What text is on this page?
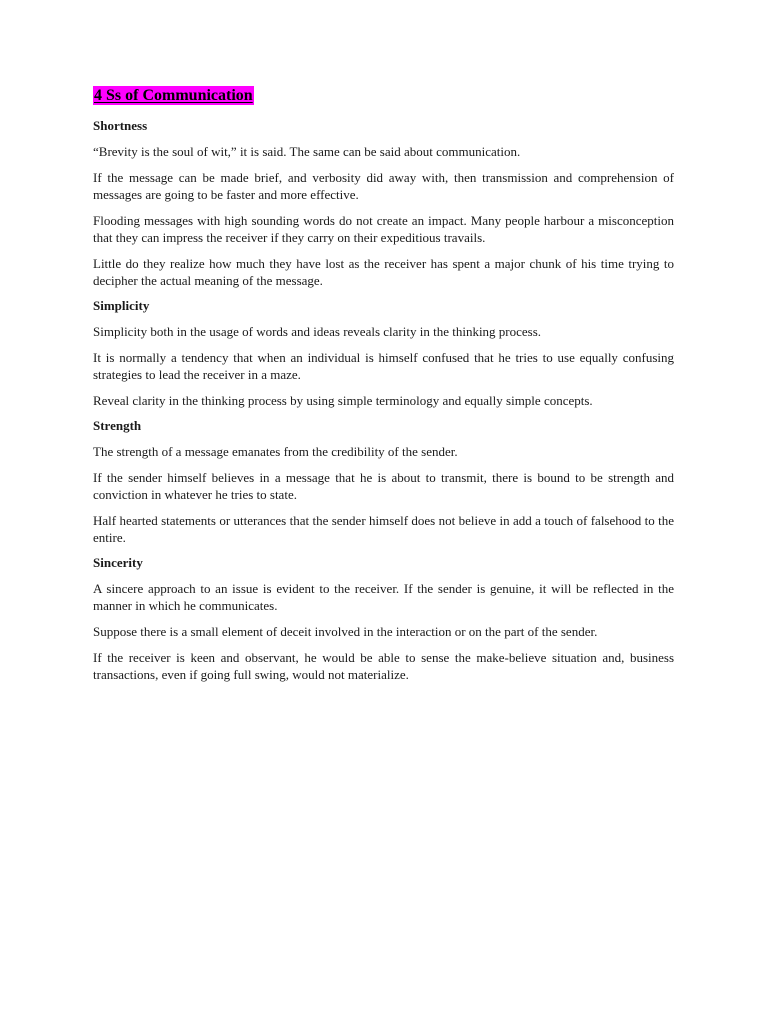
4 Ss of Communication
Shortness

“Brevity is the soul of wit,” it is said. The same can be said about communication.

If the message can be made brief, and verbosity did away with, then transmission and comprehension of messages are going to be faster and more effective.

Flooding messages with high sounding words do not create an impact. Many people harbour a misconception that they can impress the receiver if they carry on their expeditious travails.

Little do they realize how much they have lost as the receiver has spent a major chunk of his time trying to decipher the actual meaning of the message.

Simplicity

Simplicity both in the usage of words and ideas reveals clarity in the thinking process.

It is normally a tendency that when an individual is himself confused that he tries to use equally confusing strategies to lead the receiver in a maze.

Reveal clarity in the thinking process by using simple terminology and equally simple concepts.

Strength

The strength of a message emanates from the credibility of the sender.

If the sender himself believes in a message that he is about to transmit, there is bound to be strength and conviction in whatever he tries to state.

Half hearted statements or utterances that the sender himself does not believe in add a touch of falsehood to the entire.

Sincerity

A sincere approach to an issue is evident to the receiver. If the sender is genuine, it will be reflected in the manner in which he communicates.

Suppose there is a small element of deceit involved in the interaction or on the part of the sender.

If the receiver is keen and observant, he would be able to sense the make-believe situation and, business transactions, even if going full swing, would not materialize.
